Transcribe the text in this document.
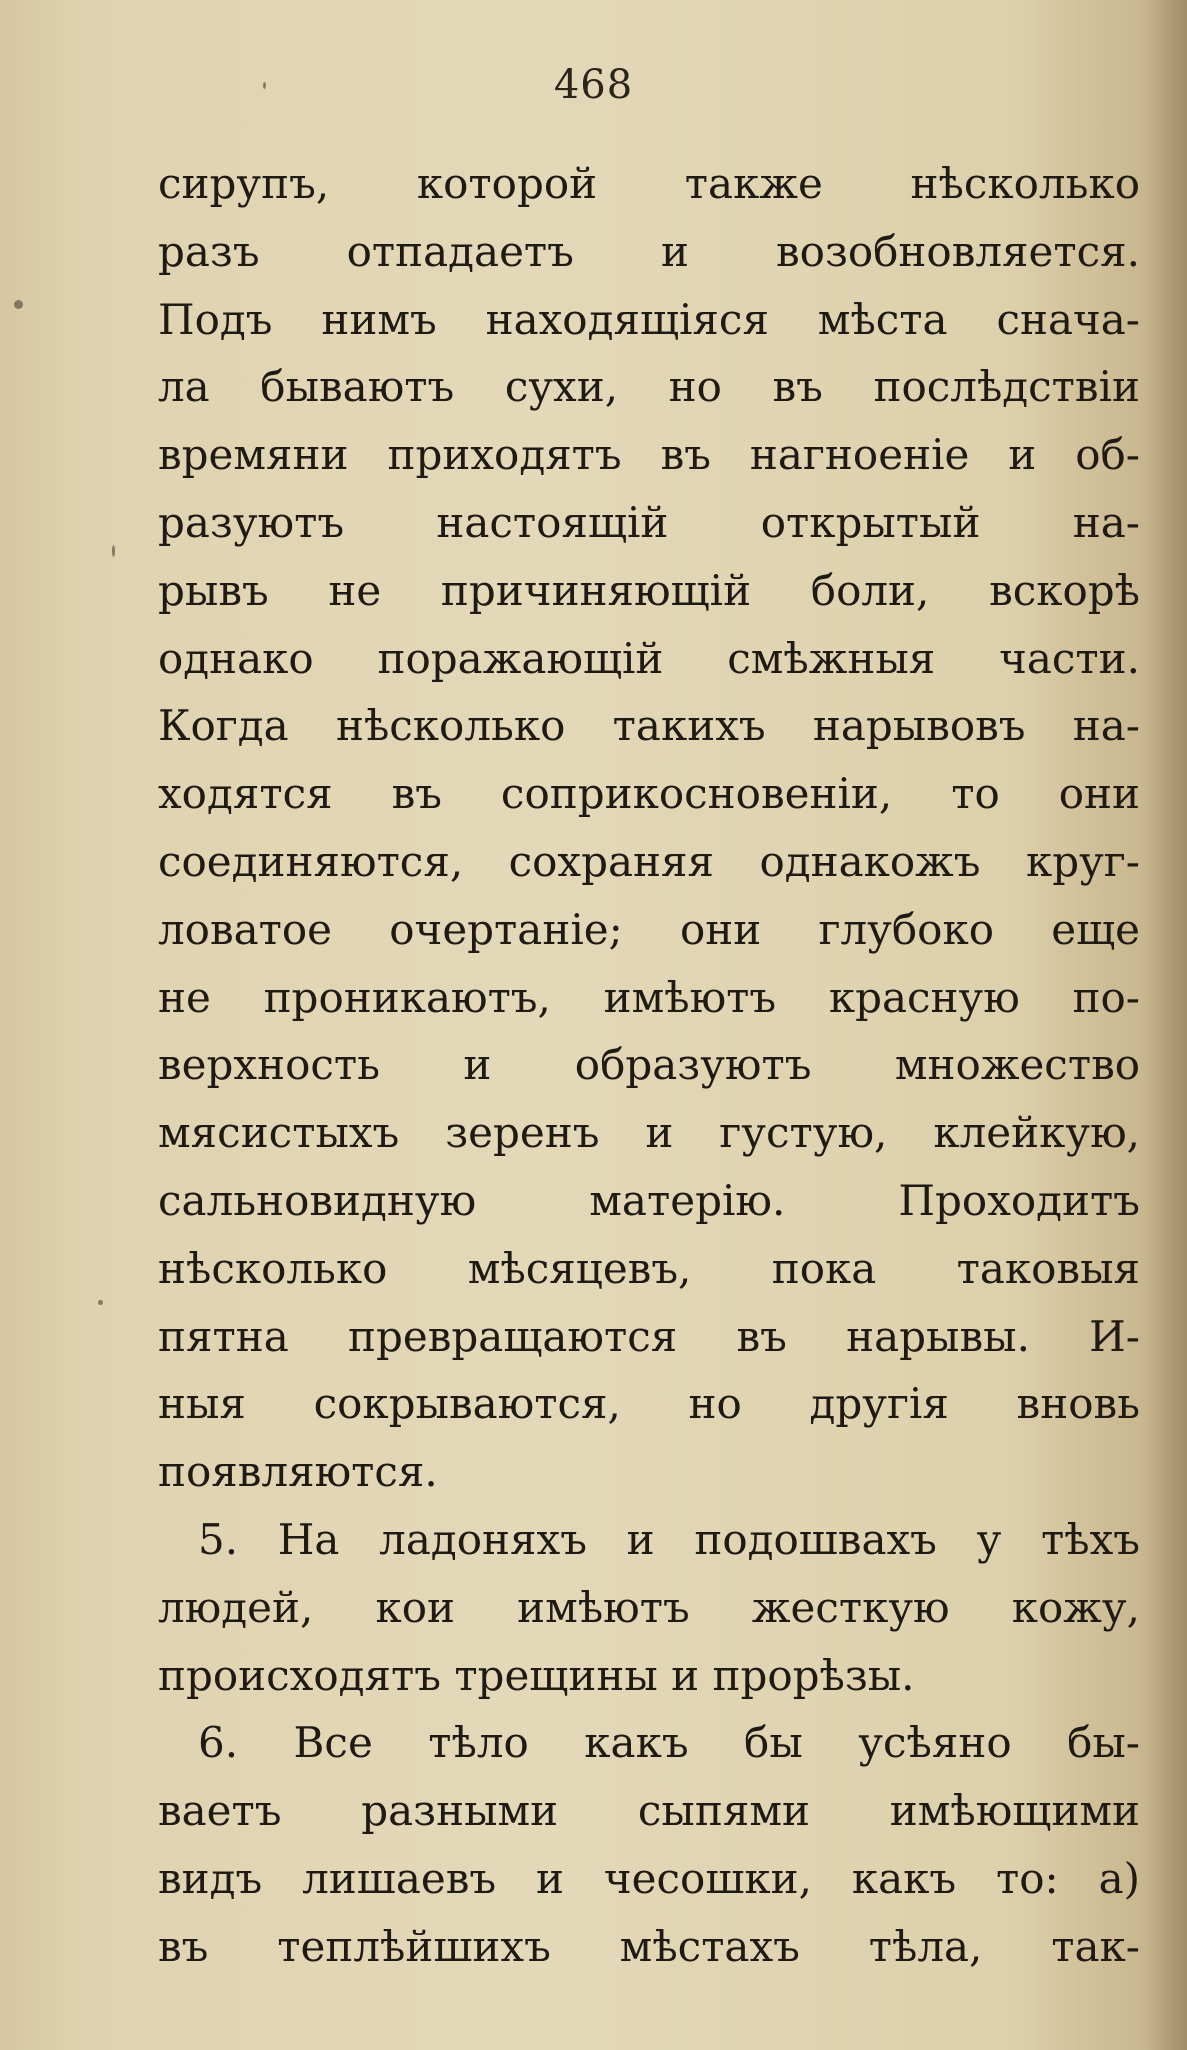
468
сирупъ, которой также нѣсколько
разъ отпадаетъ и возобновляется.
Подъ нимъ находящіяся мѣста снача-
ла бываютъ сухи, но въ послѣдствіи
времяни приходятъ въ нагноеніе и об-
разуютъ настоящій открытый на-
рывъ не причиняющій боли, вскорѣ
однако поражающій смѣжныя части.
Когда нѣсколько такихъ нарывовъ на-
ходятся въ соприкосновеніи, то они
соединяются, сохраняя однакожъ круг-
ловатое очертаніе; они глубоко еще
не проникаютъ, имѣютъ красную по-
верхность и образуютъ множество
мясистыхъ зеренъ и густую, клейкую,
сальновидную матерію. Проходитъ
нѣсколько мѣсяцевъ, пока таковыя
пятна превращаются въ нарывы. И-
ныя сокрываются, но другія вновь
появляются.
5. На ладоняхъ и подошвахъ у тѣхъ
людей, кои имѣютъ жесткую кожу,
происходятъ трещины и прорѣзы.
6. Все тѣло какъ бы усѣяно бы-
ваетъ разными сыпями имѣющими
видъ лишаевъ и чесошки, какъ то: а)
въ теплѣйшихъ мѣстахъ тѣла, так-
